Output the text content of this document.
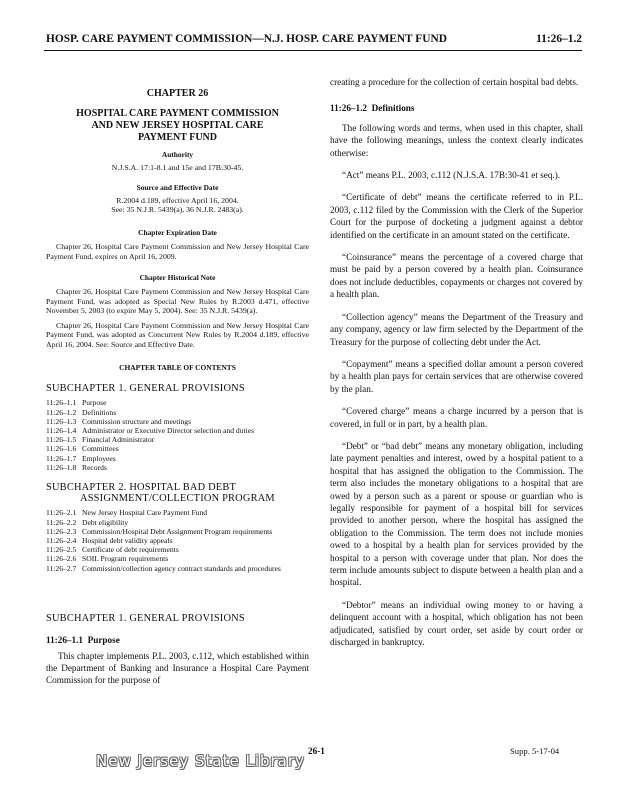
HOSP. CARE PAYMENT COMMISSION—N.J. HOSP. CARE PAYMENT FUND	11:26–1.2
CHAPTER 26
HOSPITAL CARE PAYMENT COMMISSION
AND NEW JERSEY HOSPITAL CARE
PAYMENT FUND
Authority
N.J.S.A. 17:1-8.1 and 15e and 17B:30-45.
Source and Effective Date
R.2004 d.189, effective April 16, 2004.
See: 35 N.J.R. 5439(a), 36 N.J.R. 2483(a).
Chapter Expiration Date
Chapter 26, Hospital Care Payment Commission and New Jersey Hospital Care Payment Fund, expires on April 16, 2009.
Chapter Historical Note
Chapter 26, Hospital Care Payment Commission and New Jersey Hospital Care Payment Fund, was adopted as Special New Rules by R.2003 d.471, effective November 5, 2003 (to expire May 5, 2004). See: 35 N.J.R. 5439(a).
Chapter 26, Hospital Care Payment Commission and New Jersey Hospital Care Payment Fund, was adopted as Concurrent New Rules by R.2004 d.189, effective April 16, 2004. See: Source and Effective Date.
CHAPTER TABLE OF CONTENTS
SUBCHAPTER 1. GENERAL PROVISIONS
11:26–1.1 Purpose
11:26–1.2 Definitions
11:26–1.3 Commission structure and meetings
11:26–1.4 Administrator or Executive Director selection and duties
11:26–1.5 Financial Administrator
11:26–1.6 Committees
11:26–1.7 Employees
11:26–1.8 Records
SUBCHAPTER 2. HOSPITAL BAD DEBT
ASSIGNMENT/COLLECTION PROGRAM
11:26–2.1 New Jersey Hospital Care Payment Fund
11:26–2.2 Debt eligibility
11:26–2.3 Commission/Hospital Debt Assignment Program requirements
11:26–2.4 Hospital debt validity appeals
11:26–2.5 Certificate of debt requirements
11:26–2.6 SOIL Program requirements
11:26–2.7 Commission/collection agency contract standards and procedures
SUBCHAPTER 1. GENERAL PROVISIONS
11:26–1.1 Purpose

This chapter implements P.L. 2003, c.112, which established within the Department of Banking and Insurance a Hospital Care Payment Commission for the purpose of

creating a procedure for the collection of certain hospital bad debts.

11:26–1.2 Definitions

The following words and terms, when used in this chapter, shall have the following meanings, unless the context clearly indicates otherwise:

“Act” means P.L. 2003, c.112 (N.J.S.A. 17B:30-41 et seq.).

“Certificate of debt” means the certificate referred to in P.L. 2003, c.112 filed by the Commission with the Clerk of the Superior Court for the purpose of docketing a judgment against a debtor identified on the certificate in an amount stated on the certificate.

“Coinsurance” means the percentage of a covered charge that must be paid by a person covered by a health plan. Coinsurance does not include deductibles, copayments or charges not covered by a health plan.

“Collection agency” means the Department of the Treasury and any company, agency or law firm selected by the Department of the Treasury for the purpose of collecting debt under the Act.

“Copayment” means a specified dollar amount a person covered by a health plan pays for certain services that are otherwise covered by the plan.

“Covered charge” means a charge incurred by a person that is covered, in full or in part, by a health plan.

“Debt” or “bad debt” means any monetary obligation, including late payment penalties and interest, owed by a hospital patient to a hospital that has assigned the obligation to the Commission. The term also includes the monetary obligations to a hospital that are owed by a person such as a parent or spouse or guardian who is legally responsible for payment of a hospital bill for services provided to another person, where the hospital has assigned the obligation to the Commission. The term does not include monies owed to a hospital by a health plan for services provided by the hospital to a person with coverage under that plan. Nor does the term include amounts subject to dispute between a health plan and a hospital.

“Debtor” means an individual owing money to or having a delinquent account with a hospital, which obligation has not been adjudicated, satisfied by court order, set aside by court order or discharged in bankruptcy.

26-1	Supp. 5-17-04
New Jersey State Library
